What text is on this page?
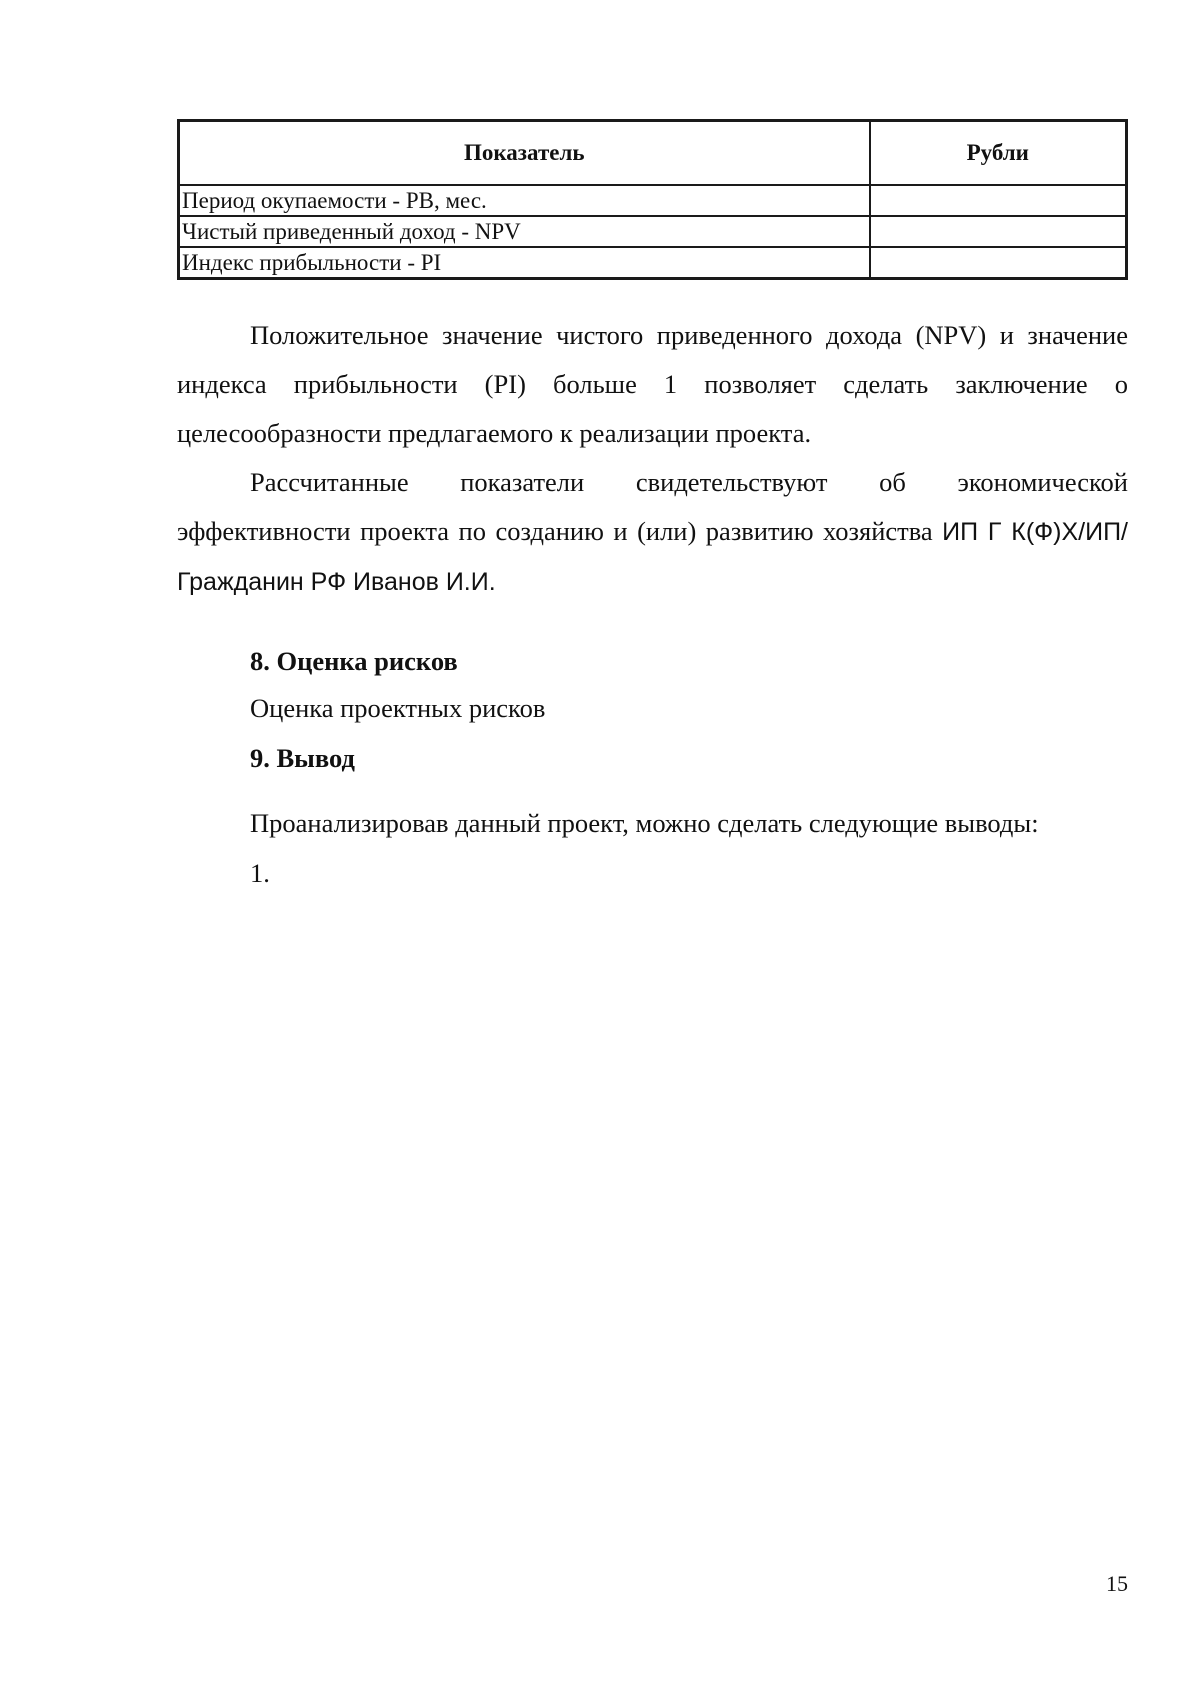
Показатель	Рубли
Период окупаемости - PB, мес.	
Чистый приведенный доход - NPV	
Индекс прибыльности - PI	

Положительное значение чистого приведенного дохода (NPV) и значение индекса прибыльности (PI) больше 1 позволяет сделать заключение о целесообразности предлагаемого к реализации проекта.

Рассчитанные показатели свидетельствуют об экономической эффективности проекта по созданию и (или) развитию хозяйства ИП Г К(Ф)Х/ИП/Гражданин РФ Иванов И.И.

8. Оценка рисков

Оценка проектных рисков

9. Вывод

Проанализировав данный проект, можно сделать следующие выводы:

1.

15
